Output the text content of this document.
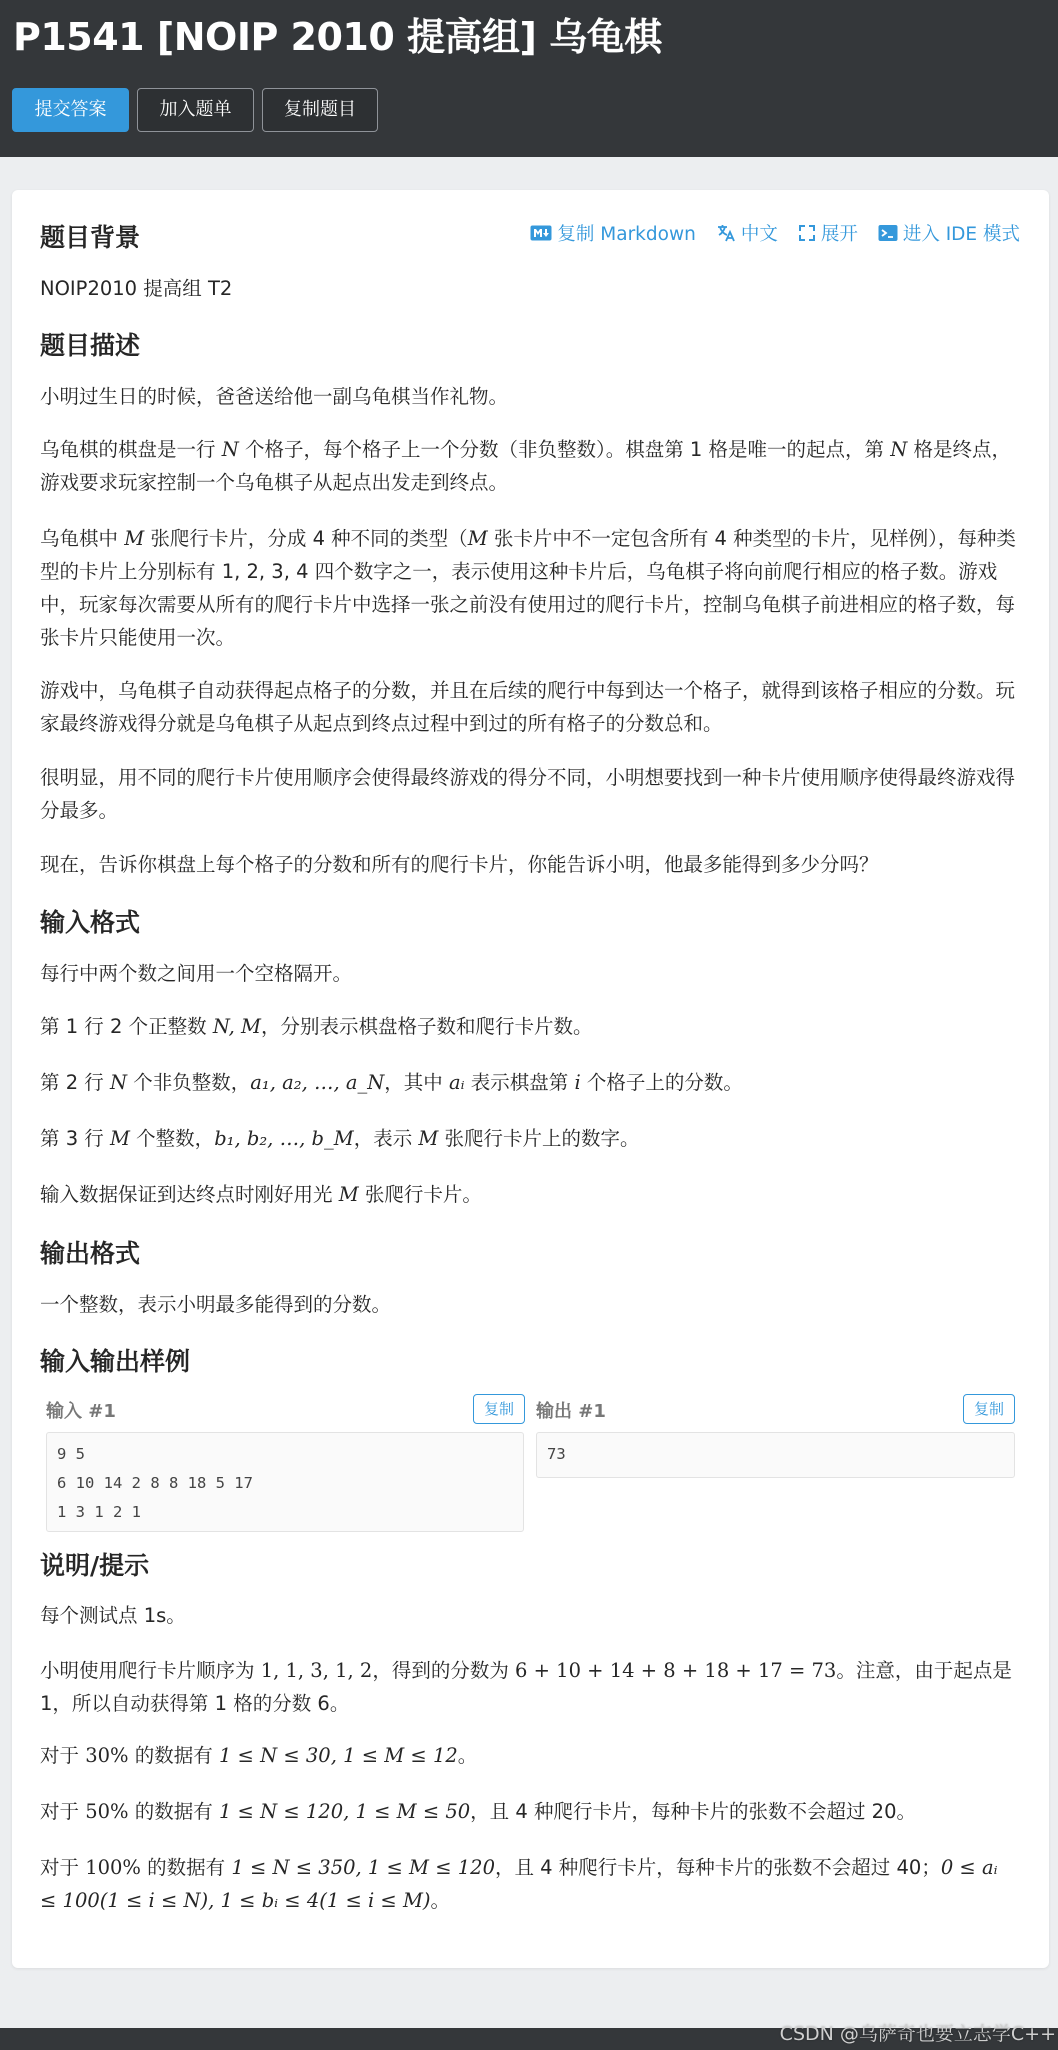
P1541 [NOIP 2010 提高组] 乌龟棋
提交答案	加入题单	复制题目
复制 Markdown 中文 展开 进入 IDE 模式
题目背景
NOIP2010 提高组 T2
题目描述
小明过生日的时候，爸爸送给他一副乌龟棋当作礼物。
乌龟棋的棋盘是一行 N 个格子，每个格子上一个分数（非负整数）。棋盘第 1 格是唯一的起点，第 N 格是终点，游戏要求玩家控制一个乌龟棋子从起点出发走到终点。
乌龟棋中 M 张爬行卡片，分成 4 种不同的类型（M 张卡片中不一定包含所有 4 种类型的卡片，见样例），每种类型的卡片上分别标有 1, 2, 3, 4 四个数字之一，表示使用这种卡片后，乌龟棋子将向前爬行相应的格子数。游戏中，玩家每次需要从所有的爬行卡片中选择一张之前没有使用过的爬行卡片，控制乌龟棋子前进相应的格子数，每张卡片只能使用一次。
游戏中，乌龟棋子自动获得起点格子的分数，并且在后续的爬行中每到达一个格子，就得到该格子相应的分数。玩家最终游戏得分就是乌龟棋子从起点到终点过程中到过的所有格子的分数总和。
很明显，用不同的爬行卡片使用顺序会使得最终游戏的得分不同，小明想要找到一种卡片使用顺序使得最终游戏得分最多。
现在，告诉你棋盘上每个格子的分数和所有的爬行卡片，你能告诉小明，他最多能得到多少分吗？
输入格式
每行中两个数之间用一个空格隔开。
第 1 行 2 个正整数 N, M，分别表示棋盘格子数和爬行卡片数。
第 2 行 N 个非负整数，a₁, a₂, …, a_N，其中 aᵢ 表示棋盘第 i 个格子上的分数。
第 3 行 M 个整数，b₁, b₂, …, b_M，表示 M 张爬行卡片上的数字。
输入数据保证到达终点时刚好用光 M 张爬行卡片。
输出格式
一个整数，表示小明最多能得到的分数。
输入输出样例
输入 #1	复制	输出 #1	复制
9 5
6 10 14 2 8 8 18 5 17
1 3 1 2 1
73
说明/提示
每个测试点 1s。
小明使用爬行卡片顺序为 1, 1, 3, 1, 2，得到的分数为 6 + 10 + 14 + 8 + 18 + 17 = 73。注意，由于起点是 1，所以自动获得第 1 格的分数 6。
对于 30% 的数据有 1 ≤ N ≤ 30, 1 ≤ M ≤ 12。
对于 50% 的数据有 1 ≤ N ≤ 120, 1 ≤ M ≤ 50，且 4 种爬行卡片，每种卡片的张数不会超过 20。
对于 100% 的数据有 1 ≤ N ≤ 350, 1 ≤ M ≤ 120，且 4 种爬行卡片，每种卡片的张数不会超过 40；0 ≤ aᵢ ≤ 100(1 ≤ i ≤ N), 1 ≤ bᵢ ≤ 4(1 ≤ i ≤ M)。
CSDN @乌萨奇也要立志学C++
